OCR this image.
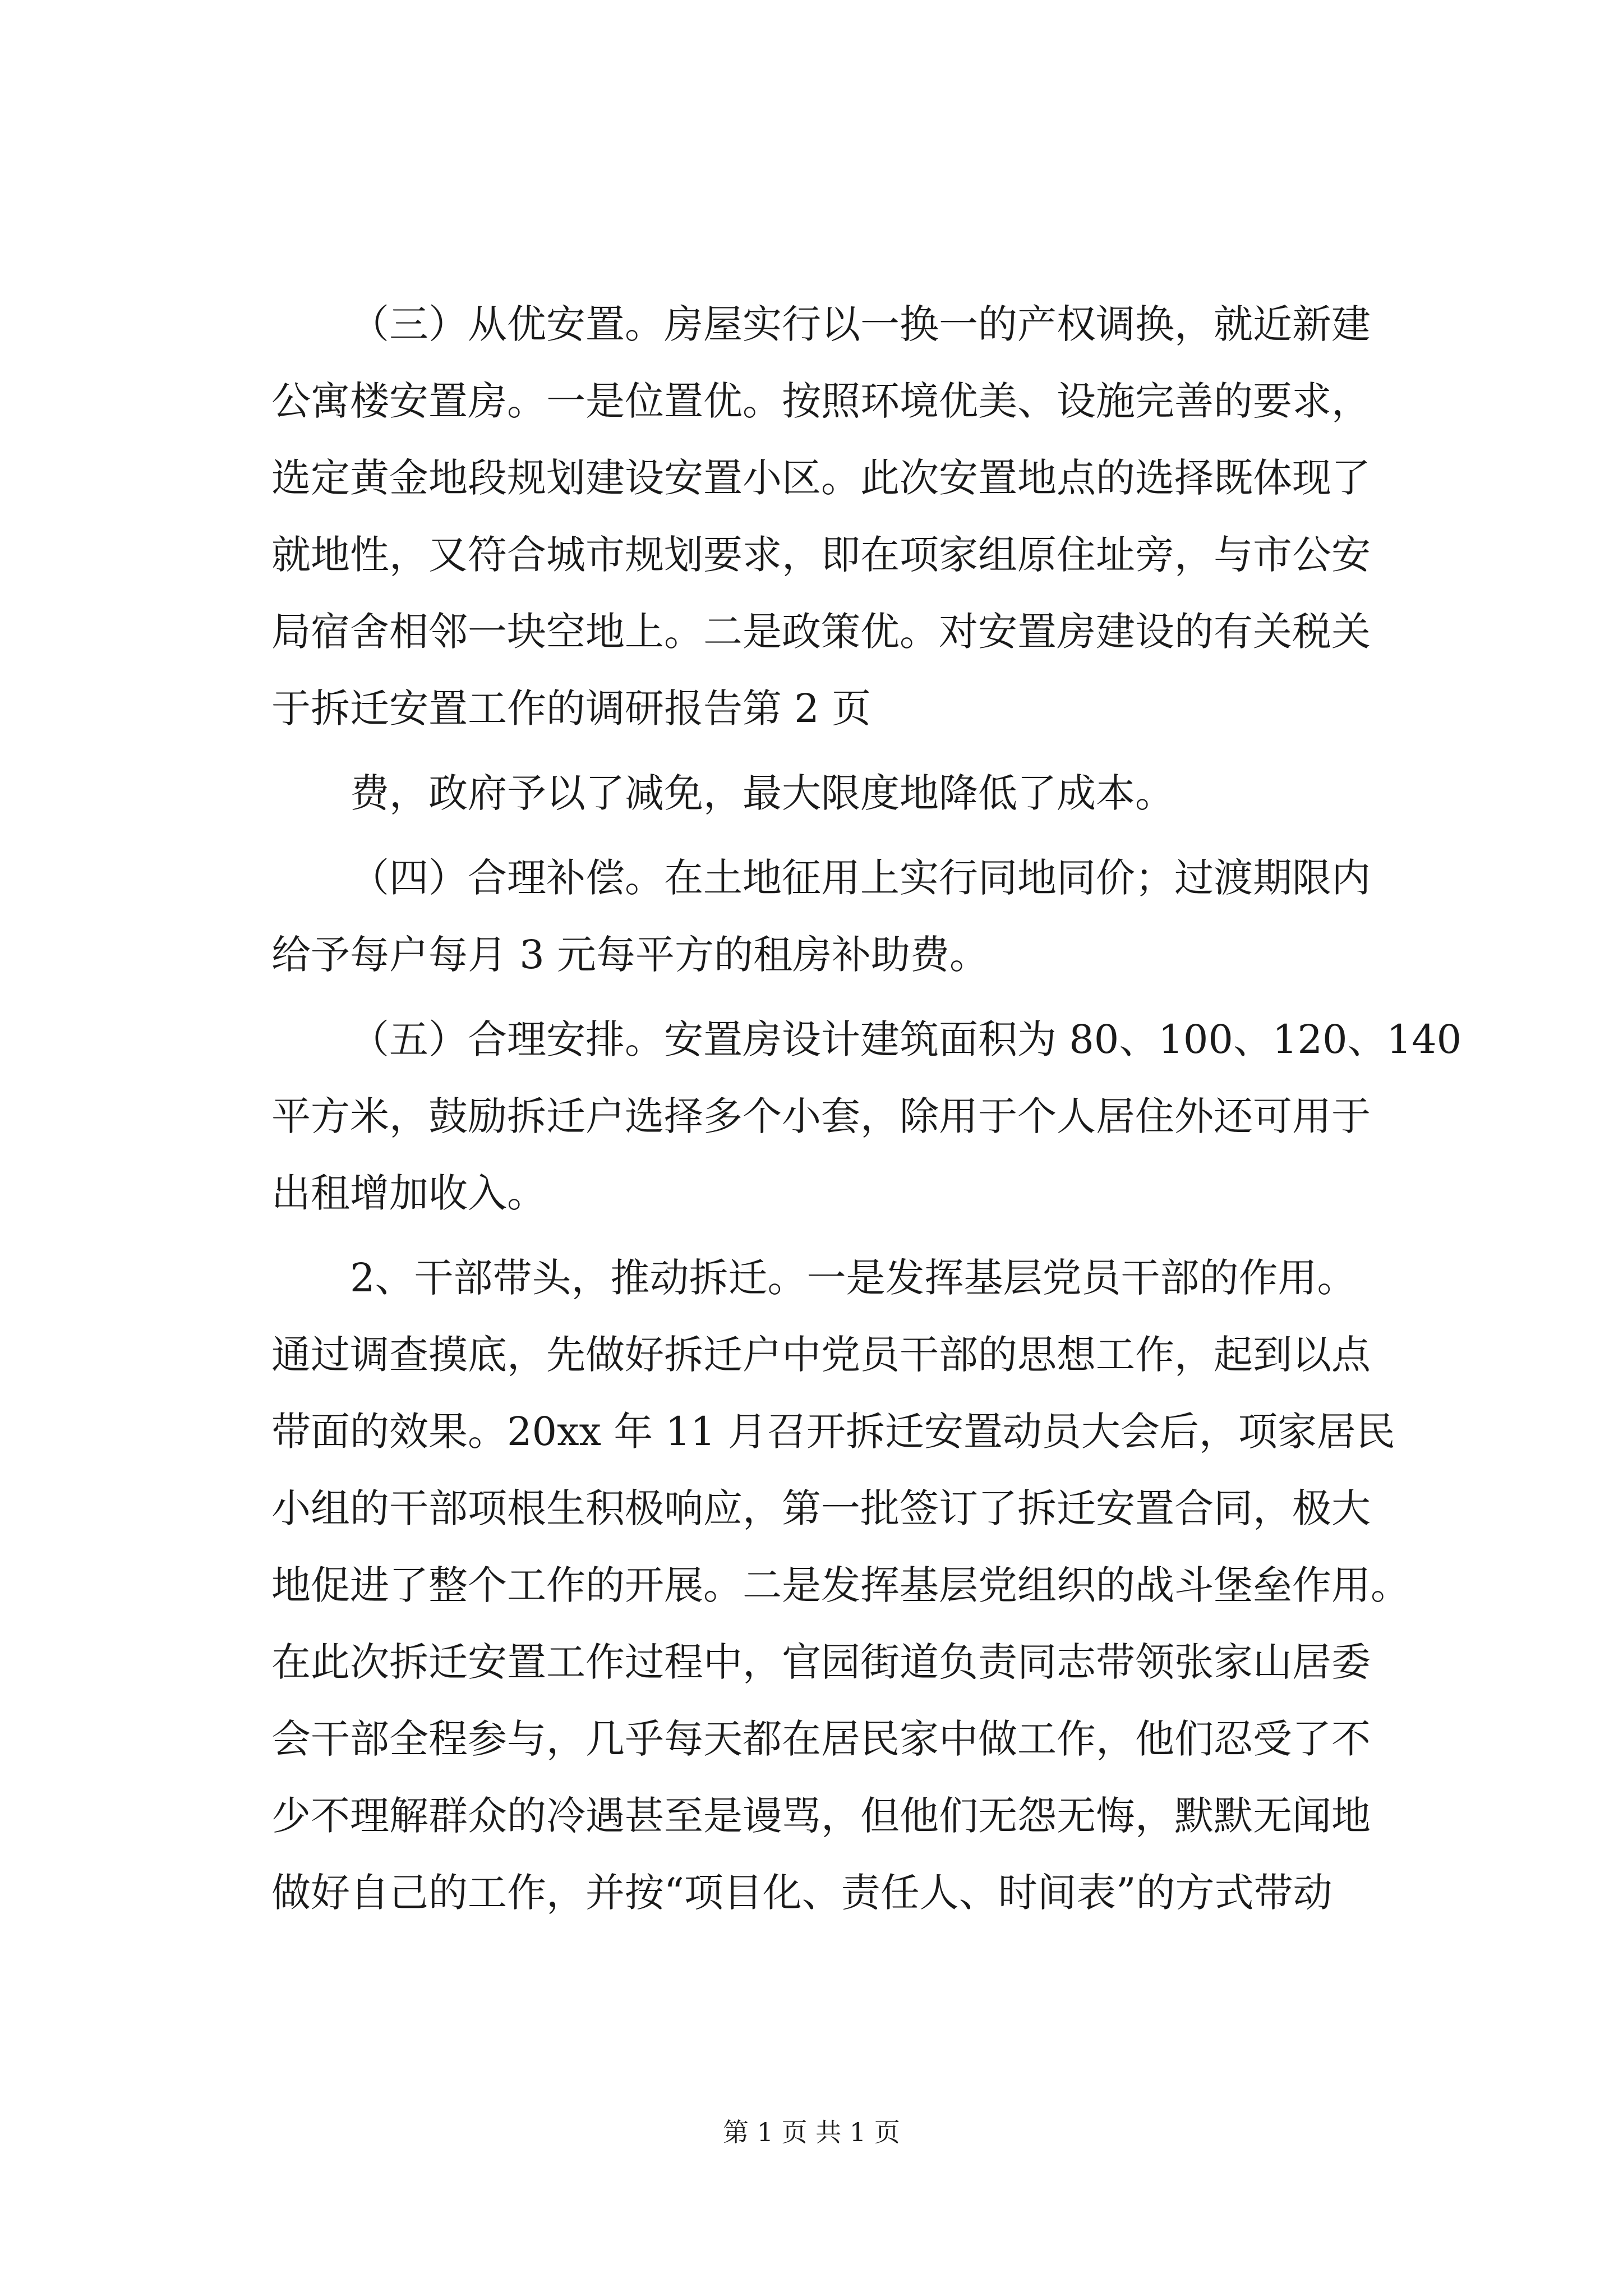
（三）从优安置。房屋实行以一换一的产权调换，就近新建
公寓楼安置房。一是位置优。按照环境优美、设施完善的要求，
选定黄金地段规划建设安置小区。此次安置地点的选择既体现了
就地性，又符合城市规划要求，即在项家组原住址旁，与市公安
局宿舍相邻一块空地上。二是政策优。对安置房建设的有关税关
于拆迁安置工作的调研报告第 2 页
费，政府予以了减免，最大限度地降低了成本。
（四）合理补偿。在土地征用上实行同地同价；过渡期限内
给予每户每月 3 元每平方的租房补助费。
（五）合理安排。安置房设计建筑面积为 80、100、120、140
平方米，鼓励拆迁户选择多个小套，除用于个人居住外还可用于
出租增加收入。
2、干部带头，推动拆迁。一是发挥基层党员干部的作用。
通过调查摸底，先做好拆迁户中党员干部的思想工作，起到以点
带面的效果。20xx 年 11 月召开拆迁安置动员大会后，项家居民
小组的干部项根生积极响应，第一批签订了拆迁安置合同，极大
地促进了整个工作的开展。二是发挥基层党组织的战斗堡垒作用。
在此次拆迁安置工作过程中，官园街道负责同志带领张家山居委
会干部全程参与，几乎每天都在居民家中做工作，他们忍受了不
少不理解群众的冷遇甚至是谩骂，但他们无怨无悔，默默无闻地
做好自己的工作，并按“项目化、责任人、时间表”的方式带动
第 1 页 共 1 页
